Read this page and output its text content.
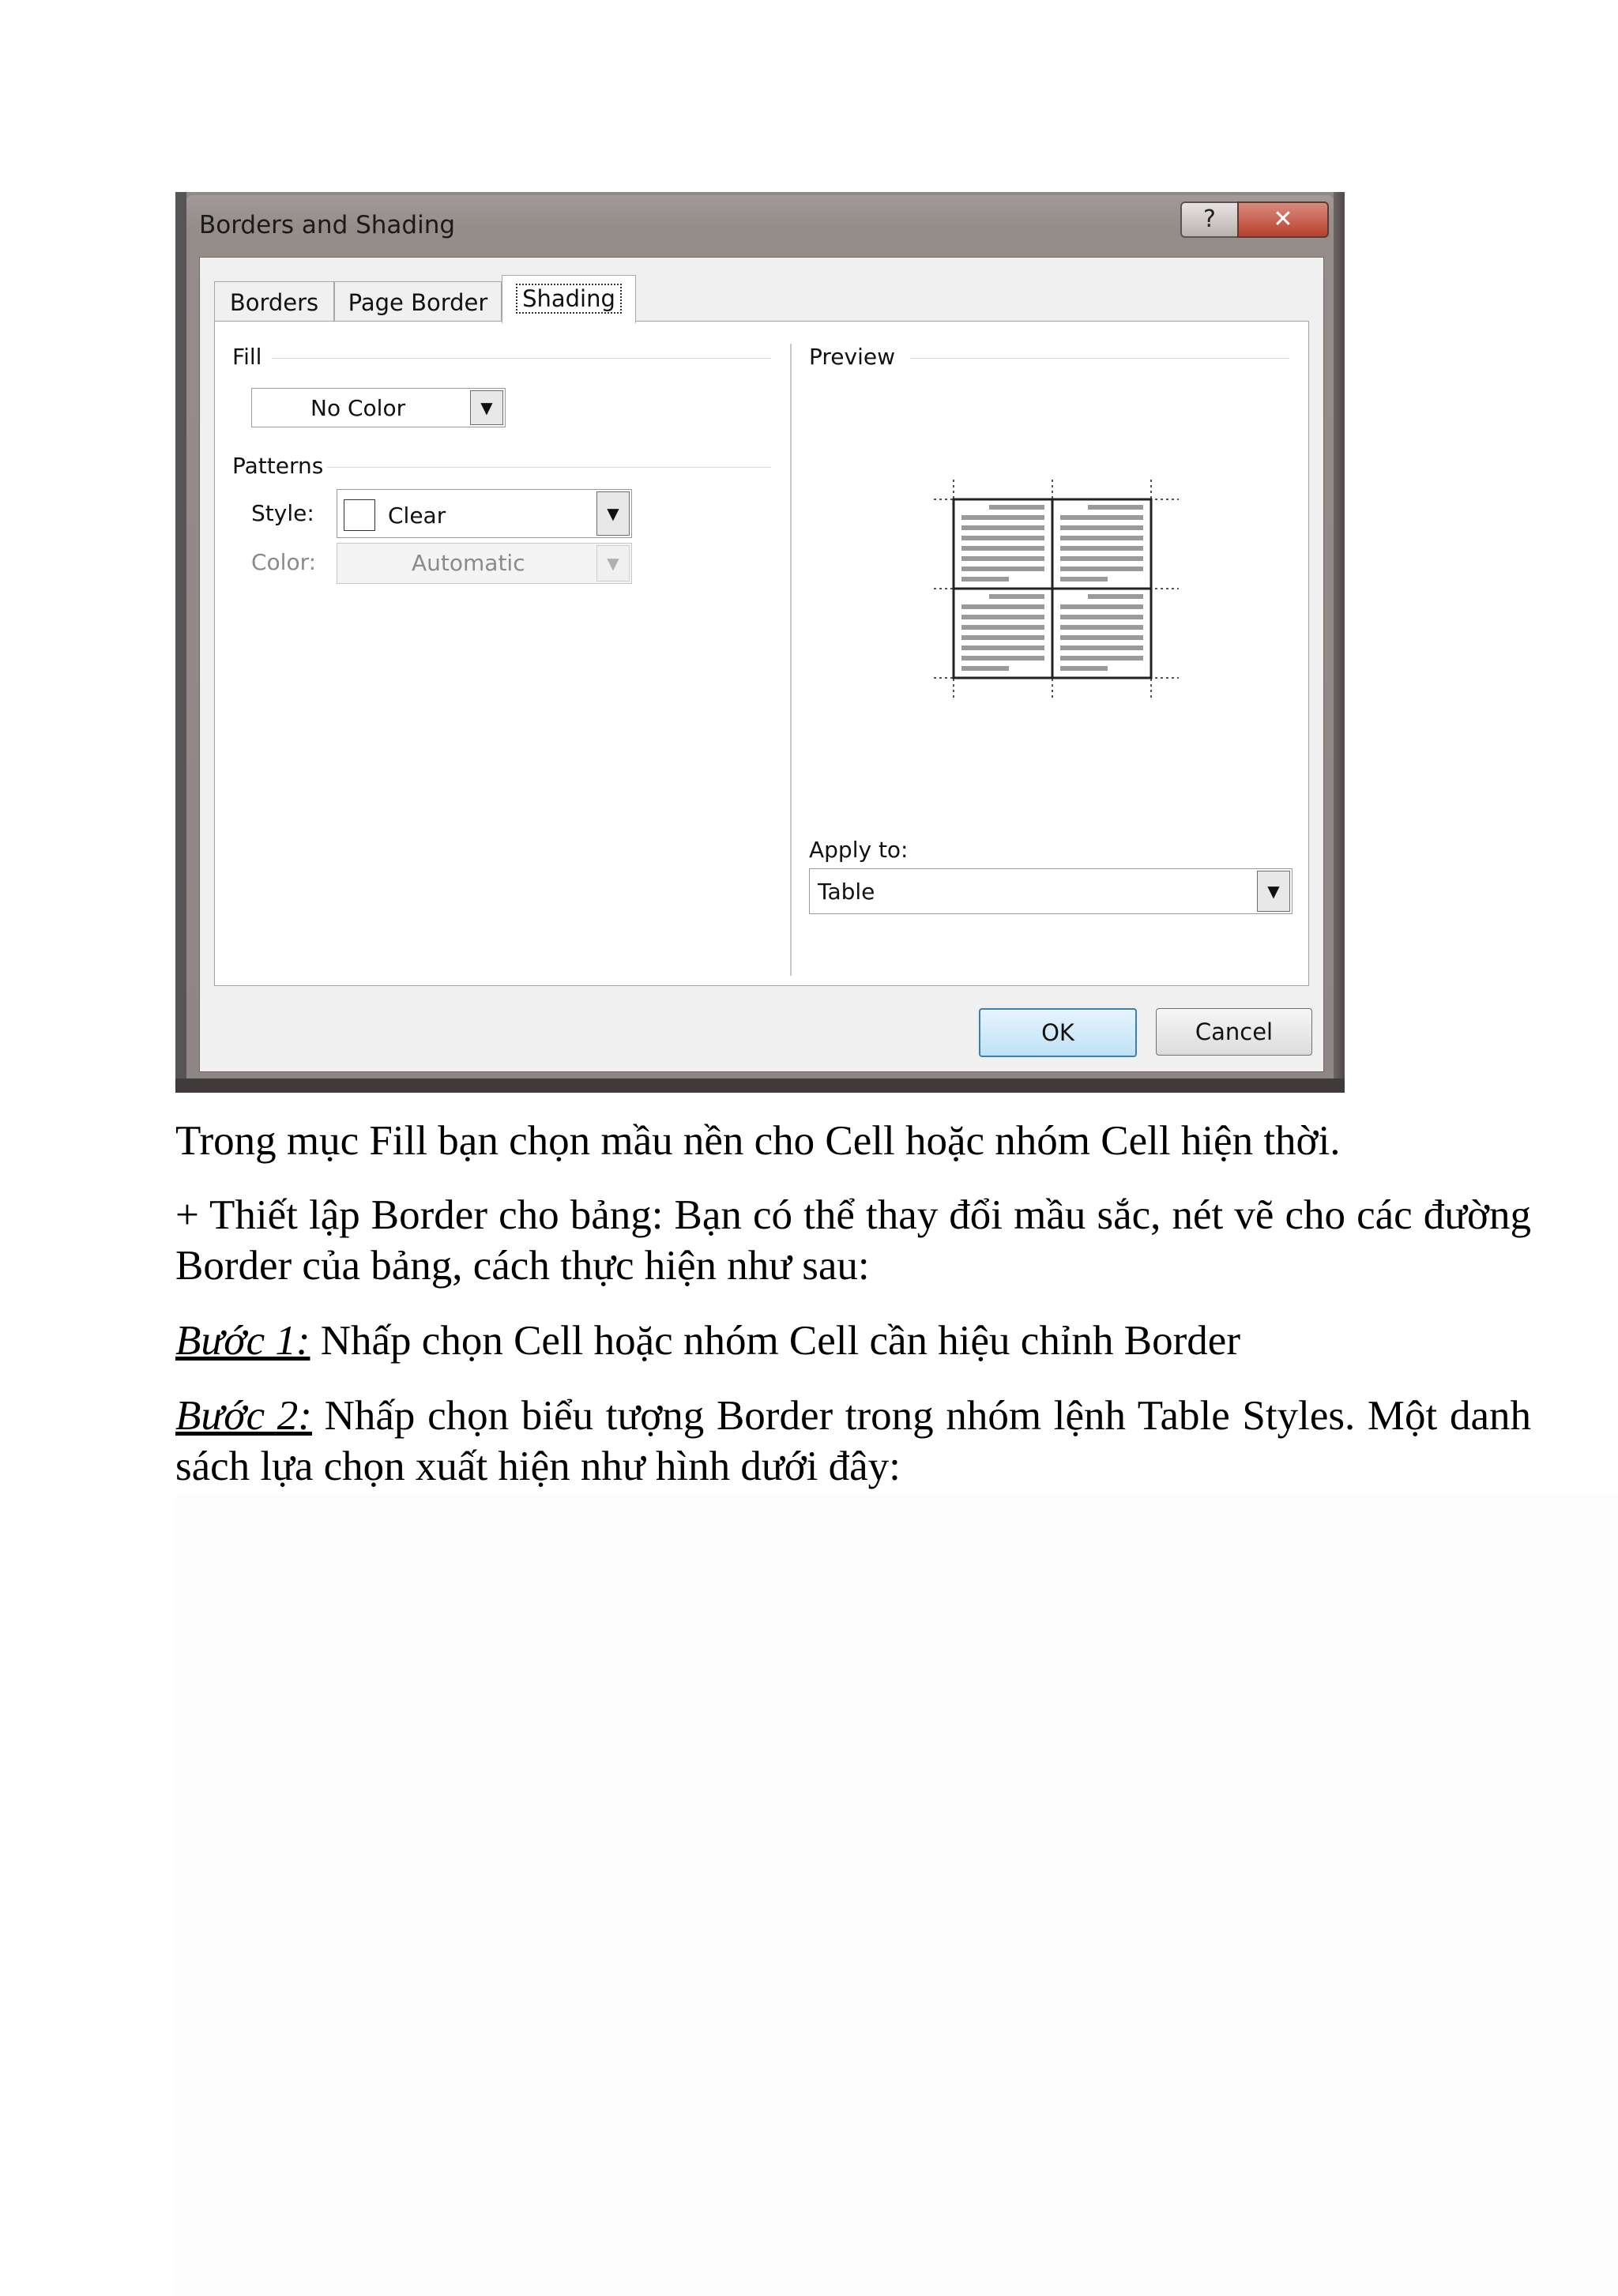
Borders and Shading	?	✕
Borders	Page Border	Shading
Fill
No Color	▼
Patterns
Style:	Clear	▼
Color:	Automatic	▼
Preview
Apply to:
Table	▼
OK	Cancel

Trong mục Fill bạn chọn mầu nền cho Cell hoặc nhóm Cell hiện thời.

+ Thiết lập Border cho bảng: Bạn có thể thay đổi mầu sắc, nét vẽ cho các đường Border của bảng, cách thực hiện như sau:

Bước 1: Nhấp chọn Cell hoặc nhóm Cell cần hiệu chỉnh Border

Bước 2: Nhấp chọn biểu tượng Border trong nhóm lệnh Table Styles. Một danh sách lựa chọn xuất hiện như hình dưới đây:
